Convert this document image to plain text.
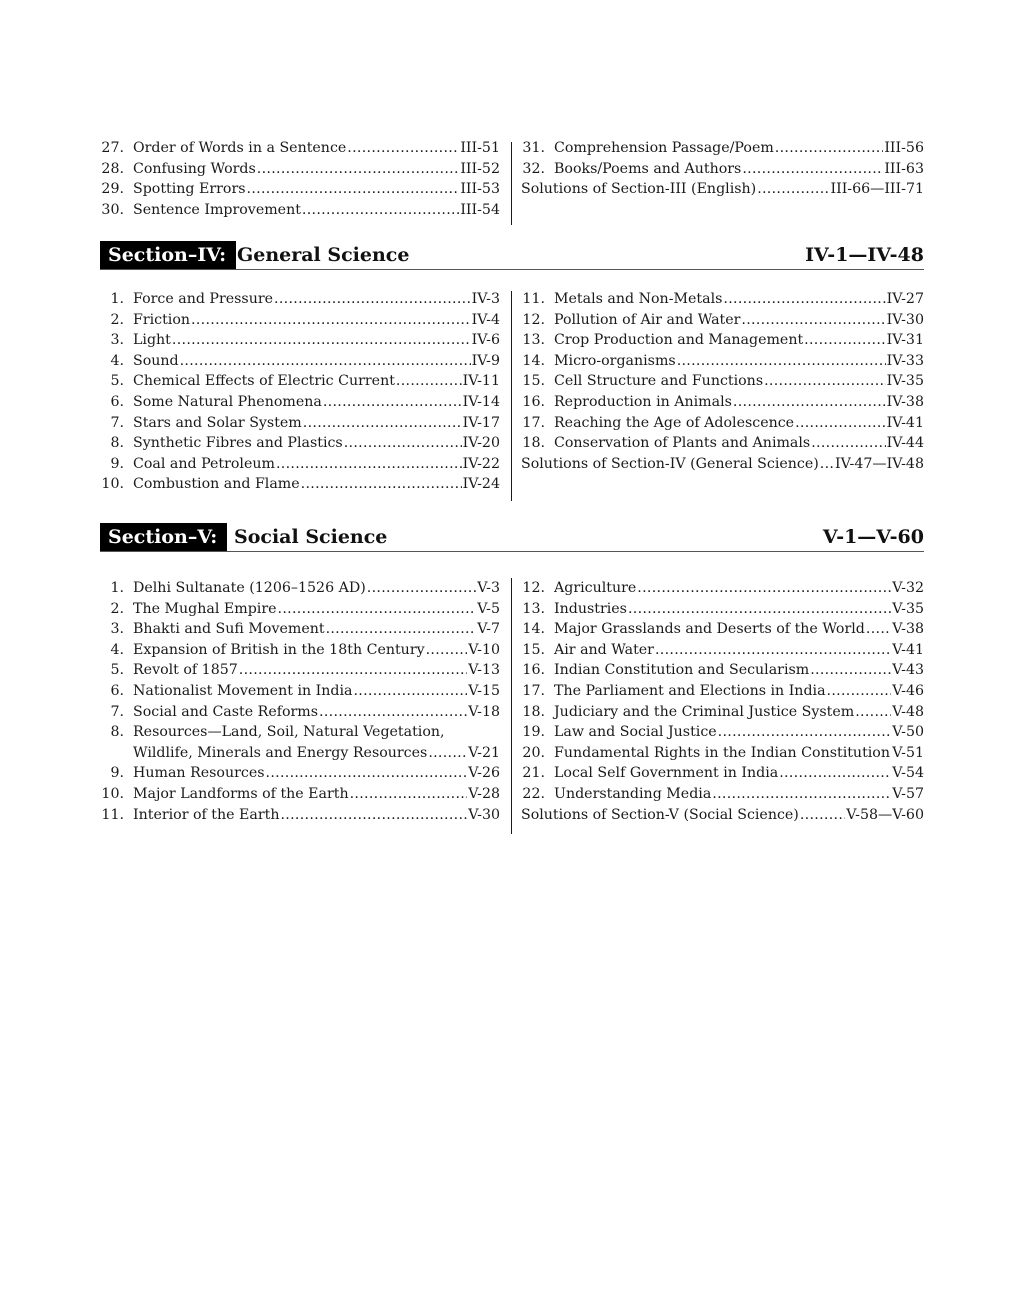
27. Order of Words in a Sentence .....	III-51
28. Confusing Words .....	III-52
29. Spotting Errors .....	III-53
30. Sentence Improvement .....	III-54
31. Comprehension Passage/Poem .....	III-56
32. Books/Poems and Authors .....	III-63
Solutions of Section-III (English) .....	III-66—III-71
Section–IV: General Science	IV-1—IV-48
1. Force and Pressure .....	IV-3
2. Friction .....	IV-4
3. Light .....	IV-6
4. Sound .....	IV-9
5. Chemical Effects of Electric Current .....	IV-11
6. Some Natural Phenomena .....	IV-14
7. Stars and Solar System .....	IV-17
8. Synthetic Fibres and Plastics .....	IV-20
9. Coal and Petroleum .....	IV-22
10. Combustion and Flame .....	IV-24
11. Metals and Non-Metals .....	IV-27
12. Pollution of Air and Water .....	IV-30
13. Crop Production and Management .....	IV-31
14. Micro-organisms .....	IV-33
15. Cell Structure and Functions .....	IV-35
16. Reproduction in Animals .....	IV-38
17. Reaching the Age of Adolescence .....	IV-41
18. Conservation of Plants and Animals .....	IV-44
Solutions of Section-IV (General Science) ..... IV-47—IV-48
Section–V: Social Science	V-1—V-60
1. Delhi Sultanate (1206–1526 AD) .....	V-3
2. The Mughal Empire .....	V-5
3. Bhakti and Sufi Movement .....	V-7
4. Expansion of British in the 18th Century .....	V-10
5. Revolt of 1857 .....	V-13
6. Nationalist Movement in India .....	V-15
7. Social and Caste Reforms .....	V-18
8. Resources—Land, Soil, Natural Vegetation,
Wildlife, Minerals and Energy Resources .....	V-21
9. Human Resources .....	V-26
10. Major Landforms of the Earth .....	V-28
11. Interior of the Earth .....	V-30
12. Agriculture .....	V-32
13. Industries .....	V-35
14. Major Grasslands and Deserts of the World ..... V-38
15. Air and Water .....	V-41
16. Indian Constitution and Secularism .....	V-43
17. The Parliament and Elections in India .....	V-46
18. Judiciary and the Criminal Justice System .....	V-48
19. Law and Social Justice .....	V-50
20. Fundamental Rights in the Indian Constitution ..... V-51
21. Local Self Government in India .....	V-54
22. Understanding Media .....	V-57
Solutions of Section-V (Social Science) .....	V-58—V-60
